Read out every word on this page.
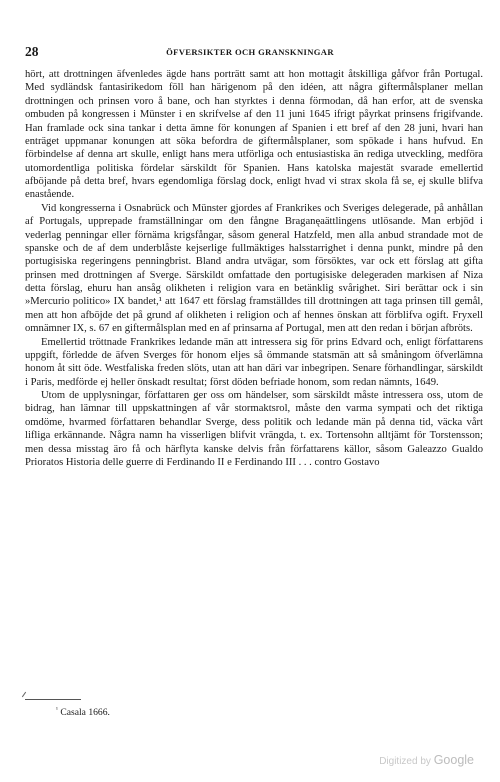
28	ÖFVERSIKTER OCH GRANSKNINGAR

hört, att drottningen äfvenledes ägde hans porträtt samt att hon mottagit åtskilliga gåfvor från Portugal. Med sydländsk fantasirikedom föll han härigenom på den idéen, att några giftermålsplaner mellan drottningen och prinsen voro å bane, och han styrktes i denna förmodan, då han erfor, att de svenska ombuden på kongressen i Münster i en skrifvelse af den 11 juni 1645 ifrigt påyrkat prinsens frigifvande. Han framlade ock sina tankar i detta ämne för konungen af Spanien i ett bref af den 28 juni, hvari han enträget uppmanar konungen att söka befordra de giftermålsplaner, som spökade i hans hufvud. En förbindelse af denna art skulle, enligt hans mera utförliga och entusiastiska än rediga utveckling, medföra utomordentliga politiska fördelar särskildt för Spanien. Hans katolska majestät svarade emellertid afböjande på detta bref, hvars egendomliga förslag dock, enligt hvad vi strax skola få se, ej skulle blifva enastående.

Vid kongresserna i Osnabrück och Münster gjordes af Frankrikes och Sveriges delegerade, på anhållan af Portugals, upprepade framställningar om den fångne Braganęaättlingens utlösande. Man erbjöd i vederlag penningar eller förnäma krigsfångar, såsom general Hatzfeld, men alla anbud strandade mot de spanske och de af dem underblåste kejserlige fullmäktiges halsstarrighet i denna punkt, mindre på den portugisiska regeringens penningbrist. Bland andra utvägar, som försöktes, var ock ett förslag att gifta prinsen med drottningen af Sverge. Särskildt omfattade den portugisiske delegeraden markisen af Niza detta förslag, ehuru han ansåg olikheten i religion vara en betänklig svårighet. Siri berättar ock i sin »Mercurio politico» IX bandet,¹ att 1647 ett förslag framställdes till drottningen att taga prinsen till gemål, men att hon afböjde det på grund af olikheten i religion och af hennes önskan att förblifva ogift. Fryxell omnämner IX, s. 67 en giftermålsplan med en af prinsarna af Portugal, men att den redan i början afbröts.

Emellertid tröttnade Frankrikes ledande män att intressera sig för prins Edvard och, enligt författarens uppgift, förledde de äfven Sverges för honom eljes så ömmande statsmän att så småningom öfverlämna honom åt sitt öde. Westfaliska freden slöts, utan att han däri var inbegripen. Senare förhandlingar, särskildt i Paris, medförde ej heller önskadt resultat; först döden befriade honom, som redan nämnts, 1649.

Utom de upplysningar, författaren ger oss om händelser, som särskildt måste intressera oss, utom de bidrag, han lämnar till uppskattningen af vår stormaktsrol, måste den varma sympati och det riktiga omdöme, hvarmed författaren behandlar Sverge, dess politik och ledande män på denna tid, väcka vårt lifliga erkännande. Några namn ha visserligen blifvit vrängda, t. ex. Tortensohn alltjämt för Torstensson; men dessa misstag äro få och härflyta kanske delvis från författarens källor, såsom Galeazzo Gualdo Prioratos Historia delle guerre di Ferdinando II e Ferdinando III . . . contro Gostavo

$^{^1}$ Casala 1666.
Digitized by Google
